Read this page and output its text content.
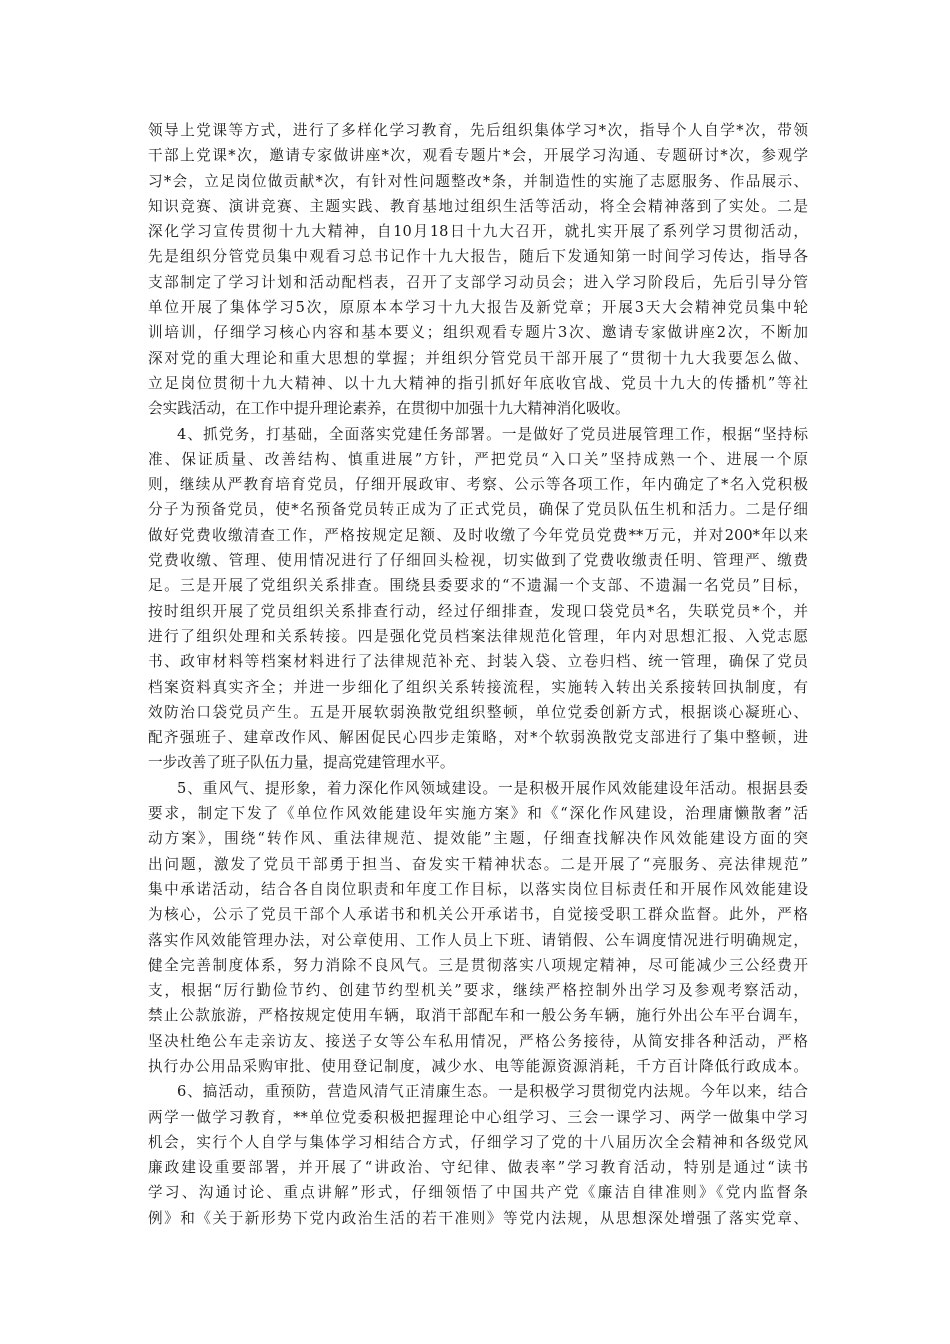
领导上党课等方式，进行了多样化学习教育，先后组织集体学习*次，指导个人自学*次，带领
干部上党课*次，邀请专家做讲座*次，观看专题片*会，开展学习沟通、专题研讨*次，参观学
习*会，立足岗位做贡献*次，有针对性问题整改*条，并制造性的实施了志愿服务、作品展示、
知识竞赛、演讲竞赛、主题实践、教育基地过组织生活等活动，将全会精神落到了实处。二是
深化学习宣传贯彻十九大精神，自10月18日十九大召开，就扎实开展了系列学习贯彻活动，
先是组织分管党员集中观看习总书记作十九大报告，随后下发通知第一时间学习传达，指导各
支部制定了学习计划和活动配档表，召开了支部学习动员会；进入学习阶段后，先后引导分管
单位开展了集体学习5次，原原本本学习十九大报告及新党章；开展3天大会精神党员集中轮
训培训，仔细学习核心内容和基本要义；组织观看专题片3次、邀请专家做讲座2次，不断加
深对党的重大理论和重大思想的掌握；并组织分管党员干部开展了“贯彻十九大我要怎么做、
立足岗位贯彻十九大精神、以十九大精神的指引抓好年底收官战、党员十九大的传播机”等社
会实践活动，在工作中提升理论素养，在贯彻中加强十九大精神消化吸收。
4、抓党务，打基础，全面落实党建任务部署。一是做好了党员进展管理工作，根据“坚持标
准、保证质量、改善结构、慎重进展”方针，严把党员“入口关”坚持成熟一个、进展一个原
则，继续从严教育培育党员，仔细开展政审、考察、公示等各项工作，年内确定了*名入党积极
分子为预备党员，使*名预备党员转正成为了正式党员，确保了党员队伍生机和活力。二是仔细
做好党费收缴清查工作，严格按规定足额、及时收缴了今年党员党费**万元，并对200*年以来
党费收缴、管理、使用情况进行了仔细回头检视，切实做到了党费收缴责任明、管理严、缴费
足。三是开展了党组织关系排查。围绕县委要求的“不遗漏一个支部、不遗漏一名党员”目标，
按时组织开展了党员组织关系排查行动，经过仔细排查，发现口袋党员*名，失联党员*个，并
进行了组织处理和关系转接。四是强化党员档案法律规范化管理，年内对思想汇报、入党志愿
书、政审材料等档案材料进行了法律规范补充、封装入袋、立卷归档、统一管理，确保了党员
档案资料真实齐全；并进一步细化了组织关系转接流程，实施转入转出关系接转回执制度，有
效防治口袋党员产生。五是开展软弱涣散党组织整顿，单位党委创新方式，根据谈心凝班心、
配齐强班子、建章改作风、解困促民心四步走策略，对*个软弱涣散党支部进行了集中整顿，进
一步改善了班子队伍力量，提高党建管理水平。
5、重风气、提形象，着力深化作风领域建设。一是积极开展作风效能建设年活动。根据县委
要求，制定下发了《单位作风效能建设年实施方案》和《“深化作风建设，治理庸懒散奢”活
动方案》，围绕“转作风、重法律规范、提效能”主题，仔细查找解决作风效能建设方面的突
出问题，激发了党员干部勇于担当、奋发实干精神状态。二是开展了“亮服务、亮法律规范”
集中承诺活动，结合各自岗位职责和年度工作目标，以落实岗位目标责任和开展作风效能建设
为核心，公示了党员干部个人承诺书和机关公开承诺书，自觉接受职工群众监督。此外，严格
落实作风效能管理办法，对公章使用、工作人员上下班、请销假、公车调度情况进行明确规定，
健全完善制度体系，努力消除不良风气。三是贯彻落实八项规定精神，尽可能减少三公经费开
支，根据“厉行勤俭节约、创建节约型机关”要求，继续严格控制外出学习及参观考察活动，
禁止公款旅游，严格按规定使用车辆，取消干部配车和一般公务车辆，施行外出公车平台调车，
坚决杜绝公车走亲访友、接送子女等公车私用情况，严格公务接待，从简安排各种活动，严格
执行办公用品采购审批、使用登记制度，减少水、电等能源资源消耗，千方百计降低行政成本。
6、搞活动，重预防，营造风清气正清廉生态。一是积极学习贯彻党内法规。今年以来，结合
两学一做学习教育，**单位党委积极把握理论中心组学习、三会一课学习、两学一做集中学习
机会，实行个人自学与集体学习相结合方式，仔细学习了党的十八届历次全会精神和各级党风
廉政建设重要部署，并开展了“讲政治、守纪律、做表率”学习教育活动，特别是通过“读书
学习、沟通讨论、重点讲解”形式，仔细领悟了中国共产党《廉洁自律准则》《党内监督条
例》和《关于新形势下党内政治生活的若干准则》等党内法规，从思想深处增强了落实党章、
